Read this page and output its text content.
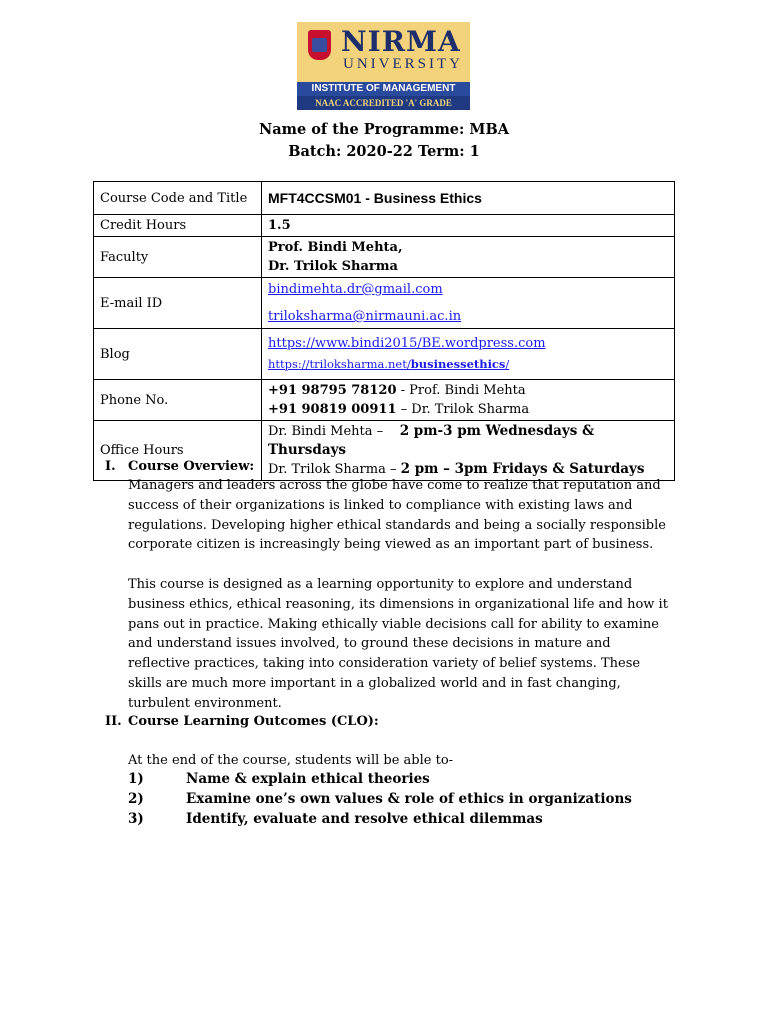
NIRMA
UNIVERSITY
INSTITUTE OF MANAGEMENT
NAAC ACCREDITED 'A' GRADE
Name of the Programme: MBA
Batch: 2020-22 Term: 1
Course Code and Title	MFT4CCSM01 - Business Ethics
Credit Hours	1.5
Faculty	Prof. Bindi Mehta,
Dr. Trilok Sharma

E-mail ID	bindimehta.dr@gmail.com
triloksharma@nirmauni.ac.in

Blog	https://www.bindi2015/BE.wordpress.com
https://triloksharma.net/businessethics/

Phone No.	+91 98795 78120 - Prof. Bindi Mehta
+91 90819 00911 – Dr. Trilok Sharma

Office Hours	Dr. Bindi Mehta – 2 pm-3 pm Wednesdays & Thursdays
Dr. Trilok Sharma – 2 pm – 3pm Fridays & Saturdays
I. Course Overview:

Managers and leaders across the globe have come to realize that reputation and success of their organizations is linked to compliance with existing laws and regulations. Developing higher ethical standards and being a socially responsible corporate citizen is increasingly being viewed as an important part of business.

This course is designed as a learning opportunity to explore and understand business ethics, ethical reasoning, its dimensions in organizational life and how it pans out in practice. Making ethically viable decisions call for ability to examine and understand issues involved, to ground these decisions in mature and reflective practices, taking into consideration variety of belief systems. These skills are much more important in a globalized world and in fast changing, turbulent environment.

II. Course Learning Outcomes (CLO):

At the end of the course, students will be able to-

1)	Name & explain ethical theories
2)	Examine one’s own values & role of ethics in organizations
3)	Identify, evaluate and resolve ethical dilemmas
